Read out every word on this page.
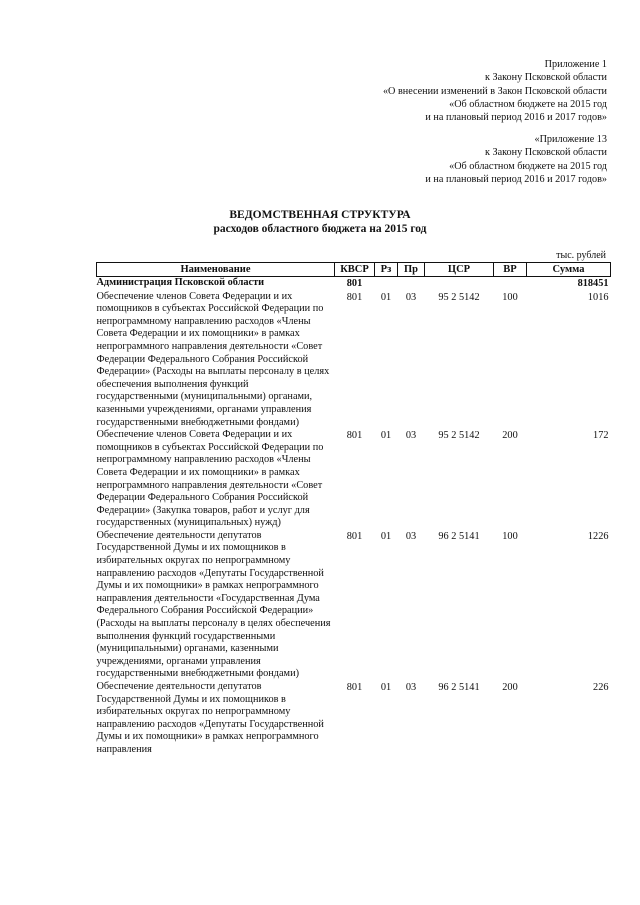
Приложение 1
к Закону Псковской области
«О внесении изменений в Закон Псковской области
«Об областном бюджете на 2015 год
и на плановый период 2016 и 2017 годов»
«Приложение 13
к Закону Псковской области
«Об областном бюджете на 2015 год
и на плановый период 2016 и 2017 годов»
ВЕДОМСТВЕННАЯ СТРУКТУРА
расходов областного бюджета на 2015 год
тыс. рублей
Наименование	КВСР	Рз	Пр	ЦСР	ВР	Сумма
Администрация Псковской области	801					818451
Обеспечение членов Совета Федерации и их помощников в субъектах Российской Федерации по непрограммному направлению расходов «Члены Совета Федерации и их помощники» в рамках непрограммного направления деятельности «Совет Федерации Федерального Собрания Российской Федерации» (Расходы на выплаты персоналу в целях обеспечения выполнения функций государственными (муниципальными) органами, казенными учреждениями, органами управления государственными внебюджетными фондами)	801	01	03	95 2 5142	100	1016
Обеспечение членов Совета Федерации и их помощников в субъектах Российской Федерации по непрограммному направлению расходов «Члены Совета Федерации и их помощники» в рамках непрограммного направления деятельности «Совет Федерации Федерального Собрания Российской Федерации» (Закупка товаров, работ и услуг для государственных (муниципальных) нужд)	801	01	03	95 2 5142	200	172
Обеспечение деятельности депутатов Государственной Думы и их помощников в избирательных округах по непрограммному направлению расходов «Депутаты Государственной Думы и их помощники» в рамках непрограммного направления деятельности «Государственная Дума Федерального Собрания Российской Федерации» (Расходы на выплаты персоналу в целях обеспечения выполнения функций государственными (муниципальными) органами, казенными учреждениями, органами управления государственными внебюджетными фондами)	801	01	03	96 2 5141	100	1226
Обеспечение деятельности депутатов Государственной Думы и их помощников в избирательных округах по непрограммному направлению расходов «Депутаты Государственной Думы и их помощники» в рамках непрограммного направления	801	01	03	96 2 5141	200	226
